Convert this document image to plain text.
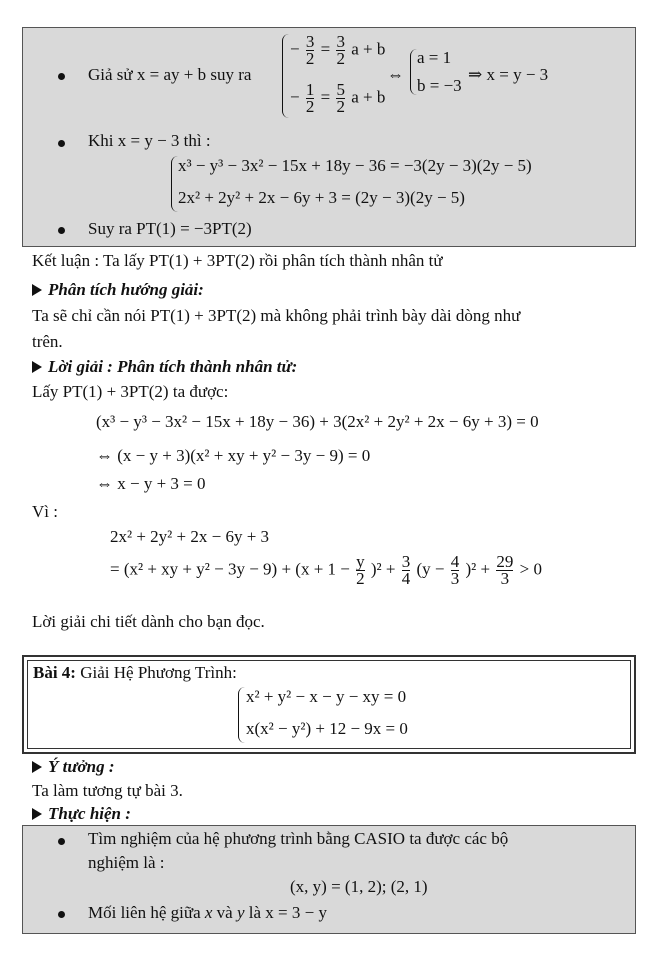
Giả sử x = ay + b suy ra
− $\frac{3}{2} = \frac{3}{2}$ a + b
− $\frac{1}{2} = \frac{5}{2}$ a + b
⇔
a = 1
b = −3
⇒ x = y − 3
Khi x = y − 3 thì :
x³ − y³ − 3x² − 15x + 18y − 36 = −3(2y − 3)(2y − 5)
2x² + 2y² + 2x − 6y + 3 = (2y − 3)(2y − 5)
Suy ra PT(1) = −3PT(2)
Kết luận : Ta lấy PT(1) + 3PT(2) rồi phân tích thành nhân tử
Phân tích hướng giải:
Ta sẽ chỉ cần nói PT(1) + 3PT(2) mà không phải trình bày dài dòng như
trên.
Lời giải : Phân tích thành nhân tử:
Lấy PT(1) + 3PT(2) ta được:
(x³ − y³ − 3x² − 15x + 18y − 36) + 3(2x² + 2y² + 2x − 6y + 3) = 0
⇔ (x − y + 3)(x² + xy + y² − 3y − 9) = 0
⇔ x − y + 3 = 0
Vì :
2x² + 2y² + 2x − 6y + 3
= (x² + xy + $y^2 - 3y - 9) + (x + 1 - \frac{y}{2} )^2 + \frac{3}{4} (y - \frac{4}{3} )^2 + \frac{29}{3} > 0$
Lời giải chi tiết dành cho bạn đọc.
Bài 4: Giải Hệ Phương Trình:
x² + y² − x − y − xy = 0
x(x² − y²) + 12 − 9x = 0
Ý tưởng :
Ta làm tương tự bài 3.
Thực hiện :
Tìm nghiệm của hệ phương trình bằng CASIO ta được các bộ
nghiệm là :
(x, y) = (1, 2); (2, 1)
Mối liên hệ giữa x và y là x = 3 − y
